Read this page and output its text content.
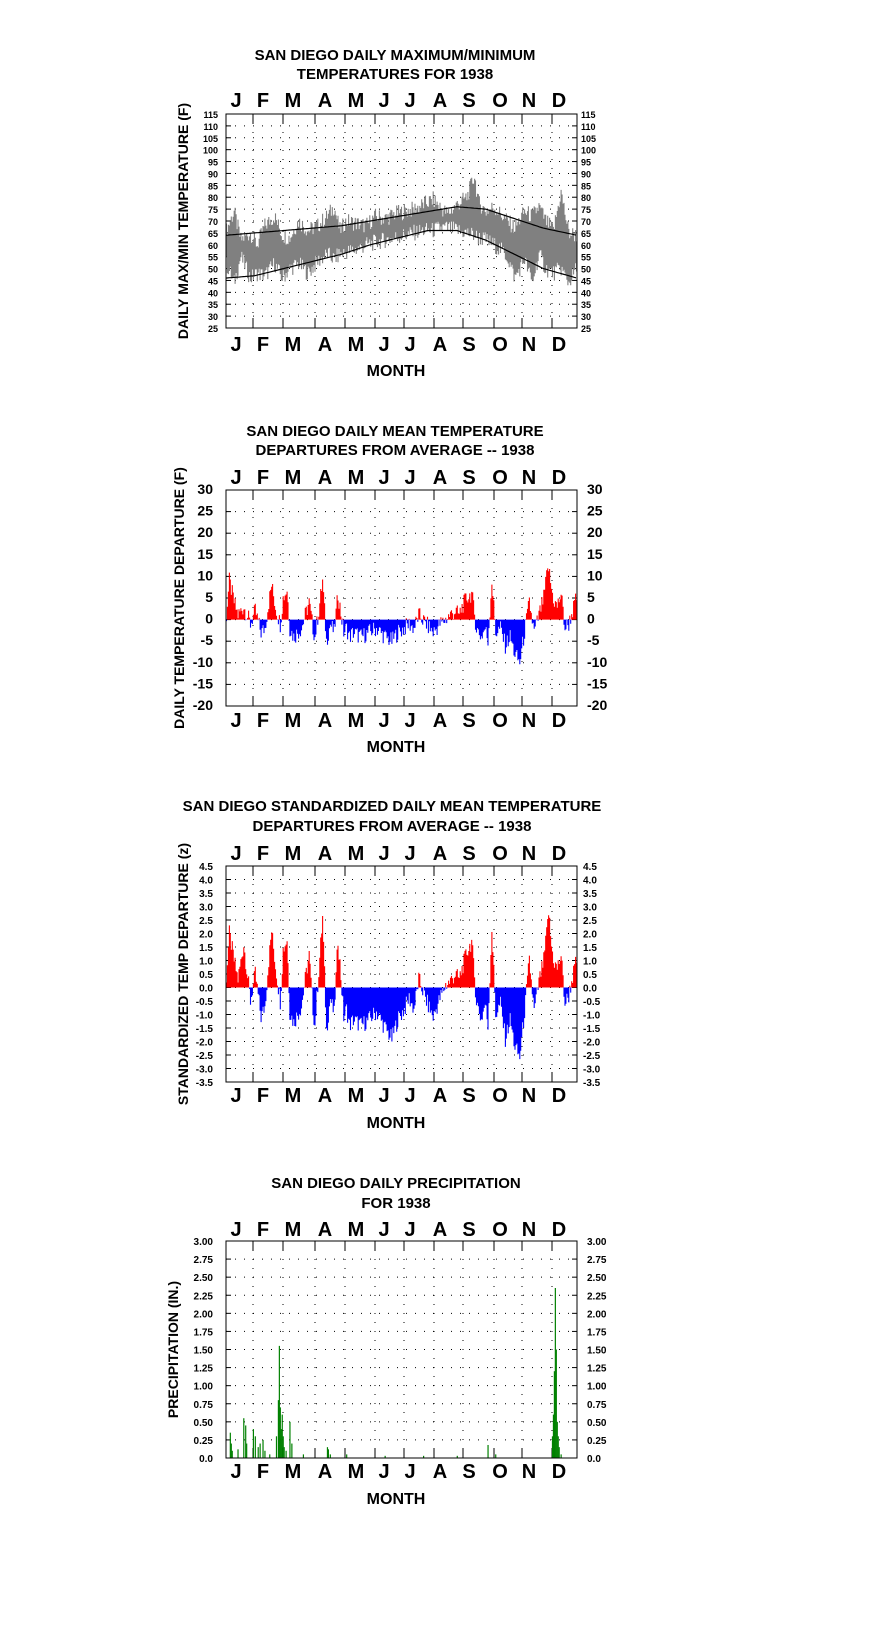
SAN DIEGO DAILY MAXIMUM/MINIMUM
TEMPERATURES FOR 1938
J
J
F
F
M
M
A
A
M
M
J
J
J
J
A
A
S
S
O
O
N
N
D
D
MONTH
DAILY MAX/MIN TEMPERATURE (F) 115	115
110	110
105	105
100	100
95	95
90	90
85	85
80	80
75	75
70	70
65	65
60	60
55	55
50	50
45	45
40	40
35	35
30	30
25	25
SAN DIEGO DAILY MEAN TEMPERATURE
DEPARTURES FROM AVERAGE -- 1938
J
J
F
F
M
M
A
A
M
M
J
J
J
J
A
A
S
S
O
O
N
N
D
D
MONTH
DAILY TEMPERATURE DEPARTURE (F) 30	30
25	25
20	20
15	15
10	10
5	5
0	0
-5	-5
-10	-10
-15	-15
-20	-20
SAN DIEGO STANDARDIZED DAILY MEAN TEMPERATURE
DEPARTURES FROM AVERAGE -- 1938
J
J
F
F
M
M
A
A
M
M
J
J
J
J
A
A
S
S
O
O
N
N
D
D
MONTH
STANDARDIZED TEMP DEPARTURE (z) 4.5	4.5
4.0	4.0
3.5	3.5
3.0	3.0
2.5	2.5
2.0	2.0
1.5	1.5
1.0	1.0
0.5	0.5
0.0	0.0
-0.5	-0.5
-1.0	-1.0
-1.5	-1.5
-2.0	-2.0
-2.5	-2.5
-3.0	-3.0
-3.5	-3.5
SAN DIEGO DAILY PRECIPITATION
FOR 1938
J
J
F
F
M
M
A
A
M
M
J
J
J
J
A
A
S
S
O
O
N
N
D
D
MONTH
PRECIPITATION (IN.)
3.00	3.00
2.75	2.75
2.50	2.50
2.25	2.25
2.00	2.00
1.75	1.75
1.50	1.50
1.25	1.25
1.00	1.00
0.75	0.75
0.50	0.50
0.25	0.25
0.0	0.0
